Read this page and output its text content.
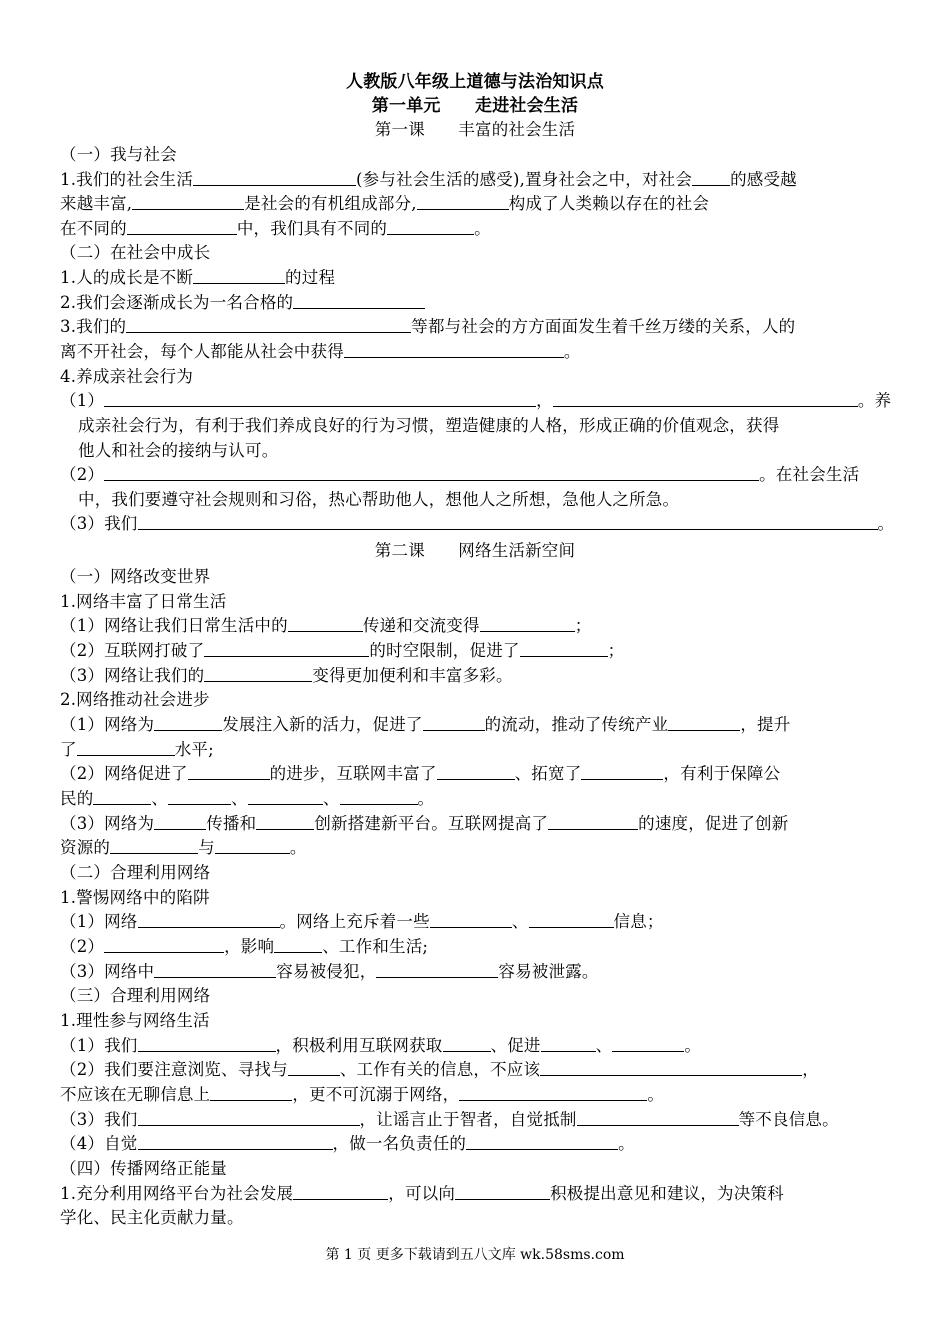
人教版八年级上道德与法治知识点
第一单元　　走进社会生活
第一课　　丰富的社会生活
（一）我与社会
1.我们的社会生活	(参与社会生活的感受),置身社会之中，对社会 的感受越
来越丰富,	是社会的有机组成部分,	构成了人类赖以存在的社会
在不同的	中，我们具有不同的	。
（二）在社会中成长
1.人的成长是不断	的过程
2.我们会逐渐成长为一名合格的
3.我们的	等都与社会的方方面面发生着千丝万缕的关系，人的
离不开社会，每个人都能从社会中获得	。
4.养成亲社会行为
（1）	，	。养
成亲社会行为，有利于我们养成良好的行为习惯，塑造健康的人格，形成正确的价值观念，获得
他人和社会的接纳与认可。
（2）	。在社会生活
中，我们要遵守社会规则和习俗，热心帮助他人，想他人之所想，急他人之所急。
（3）我们	。
第二课　　网络生活新空间
（一）网络改变世界
1.网络丰富了日常生活
（1）网络让我们日常生活中的	传递和交流变得	；
（2）互联网打破了	的时空限制，促进了	；
（3）网络让我们的	变得更加便利和丰富多彩。
2.网络推动社会进步
（1）网络为	发展注入新的活力，促进了	的流动，推动了传统产业	，提升
了	水平;
（2）网络促进了	的进步，互联网丰富了	、拓宽了	，有利于保障公
民的	、	、	、	。
（3）网络为	传播和	创新搭建新平台。互联网提高了	的速度，促进了创新
资源的	与	。
（二）合理利用网络
1.警惕网络中的陷阱
（1）网络	。网络上充斥着一些	、	信息；
（2）	，影响	、工作和生活;
（3）网络中	容易被侵犯，	容易被泄露。
（三）合理利用网络
1.理性参与网络生活
（1）我们	，积极利用互联网获取	、促进	、	。
（2）我们要注意浏览、寻找与	、工作有关的信息，不应该	，
不应该在无聊信息上	，更不可沉溺于网络，	。
（3）我们	，让谣言止于智者，自觉抵制	等不良信息。
（4）自觉	，做一名负责任的	。
（四）传播网络正能量
1.充分利用网络平台为社会发展	，可以向	积极提出意见和建议，为决策科
学化、民主化贡献力量。
第 1 页 更多下载请到五八文库 wk.58sms.com
